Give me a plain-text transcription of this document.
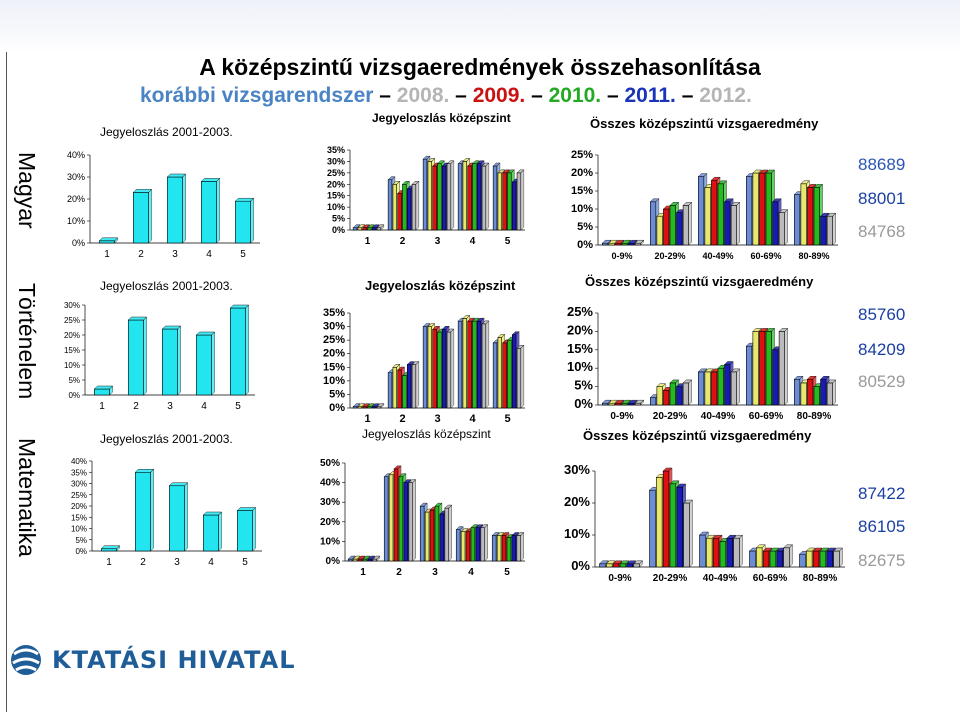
A középszintű vizsgaeredmények összehasonlítása
korábbi vizsgarendszer – 2008. – 2009. – 2010. – 2011. – 2012.
Magyar
Történelem
Matematika
Jegyeloszlás 2001-2003.
0%
10%
20%
30%
40%
1	2	3	4	5
Jegyeloszlás középszint
0%
5%
10%
15%
20%
25%
30%
35%
1	2	3	4	5
Összes középszintű vizsgaeredmény
0%
5%
10%
15%
20%
25%
0-9% 20-29% 40-49% 60-69% 80-89%
Jegyeloszlás 2001-2003.
0%
5%
10%
15%
20%
25%
30%
1	2	3	4	5
Jegyeloszlás középszint
0%
5%
10%
15%
20%
25%
30%
35%
1	2	3	4	5
Összes középszintű vizsgaeredmény
0%
5%
10%
15%
20%
25%
0-9% 20-29% 40-49% 60-69% 80-89%
Jegyeloszlás 2001-2003.
0%
5%
10%
15%
20%
25%
30%
35%
40%
1	2	3	4	5
Jegyeloszlás középszint
0%
10%
20%
30%
40%
50%
1	2	3	4	5
Összes középszintű vizsgaeredmény
0%
10%
20%
30%
0-9% 20-29% 40-49% 60-69% 80-89%
88689
88001
84768
85760
84209
80529
87422
86105
82675
KTATÁSI HIVATAL
